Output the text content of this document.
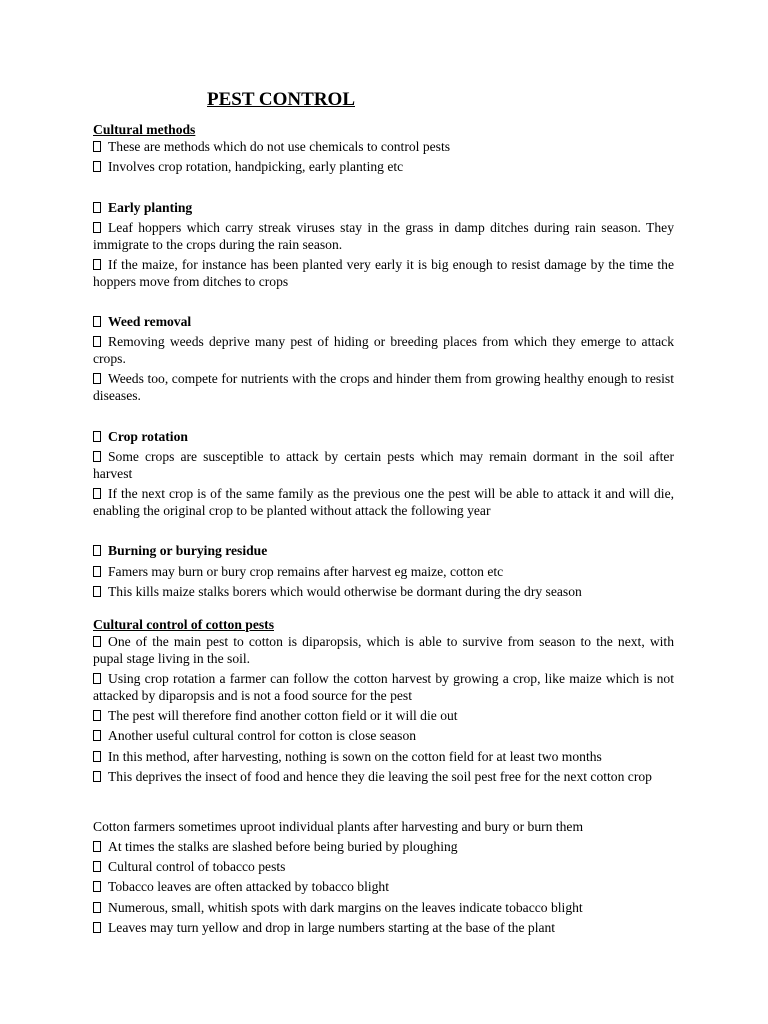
PEST CONTROL
Cultural methods
These are methods which do not use chemicals to control pests
Involves crop rotation, handpicking, early planting etc
Early planting
Leaf hoppers which carry streak viruses stay in the grass in damp ditches during rain season. They immigrate to the crops during the rain season.
If the maize, for instance has been planted very early it is big enough to resist damage by the time the hoppers move from ditches to crops
Weed removal
Removing weeds deprive many pest of hiding or breeding places from which they emerge to attack crops.
Weeds too, compete for nutrients with the crops and hinder them from growing healthy enough to resist diseases.
Crop rotation
Some crops are susceptible to attack by certain pests which may remain dormant in the soil after harvest
If the next crop is of the same family as the previous one the pest will be able to attack it and will die, enabling the original crop to be planted without attack the following year
Burning or burying residue
Famers may burn or bury crop remains after harvest eg maize, cotton etc
This kills maize stalks borers which would otherwise be dormant during the dry season
Cultural control of cotton pests
One of the main pest to cotton is diparopsis, which is able to survive from season to the next, with pupal stage living in the soil.
Using crop rotation a farmer can follow the cotton harvest by growing a crop, like maize which is not attacked by diparopsis and is not a food source for the pest
The pest will therefore find another cotton field or it will die out
Another useful cultural control for cotton is close season
In this method, after harvesting, nothing is sown on the cotton field for at least two months
This deprives the insect of food and hence they die leaving the soil pest free for the next cotton crop
Cotton farmers sometimes uproot individual plants after harvesting and bury or burn them
At times the stalks are slashed before being buried by ploughing
Cultural control of tobacco pests
Tobacco leaves are often attacked by tobacco blight
Numerous, small, whitish spots with dark margins on the leaves indicate tobacco blight
Leaves may turn yellow and drop in large numbers starting at the base of the plant
